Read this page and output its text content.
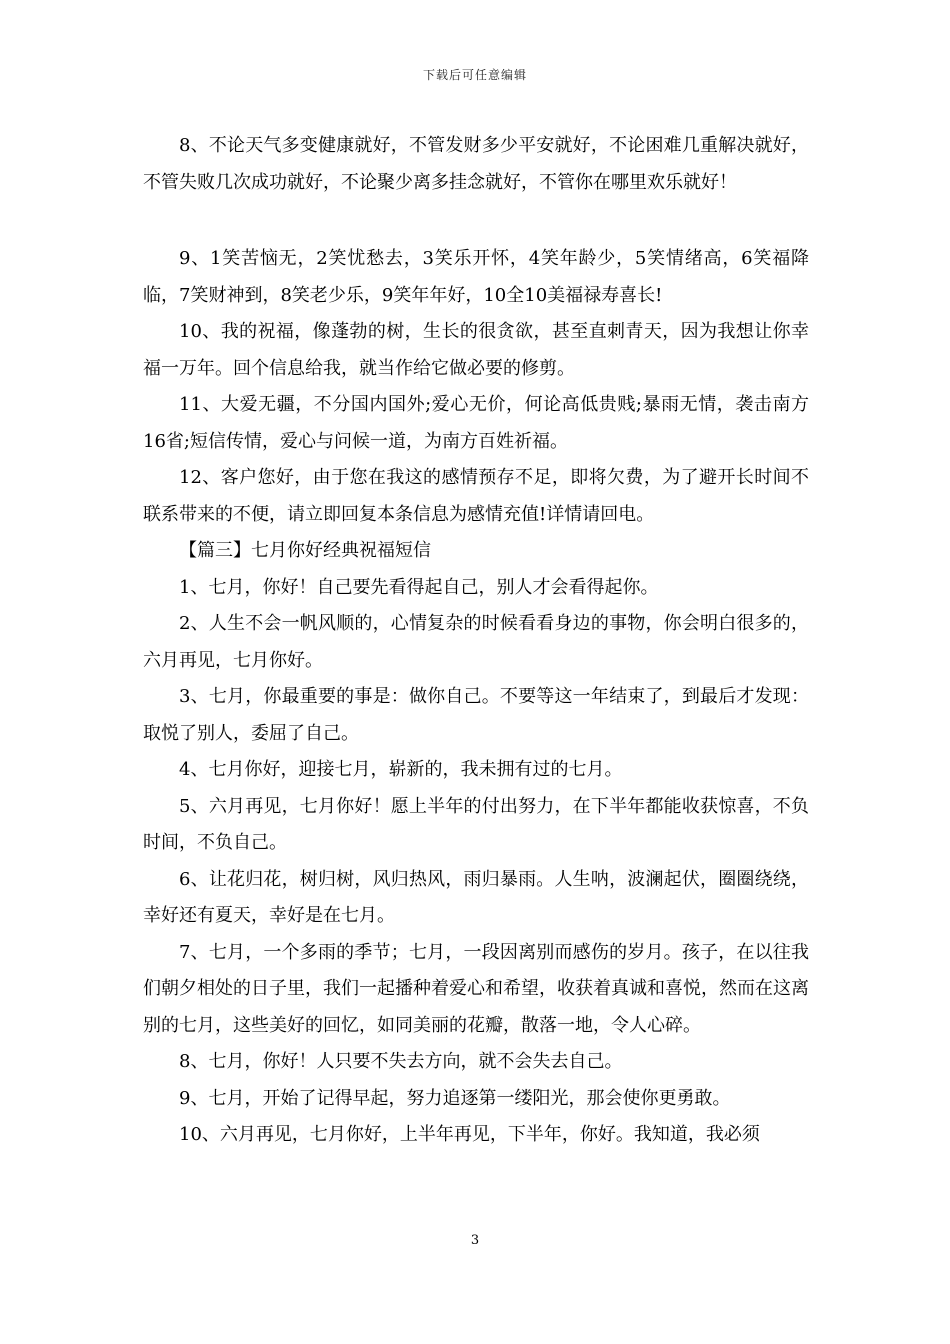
下载后可任意编辑

8、不论天气多变健康就好，不管发财多少平安就好，不论困难几重解决就好，不管失败几次成功就好，不论聚少离多挂念就好，不管你在哪里欢乐就好！

9、1笑苦恼无，2笑忧愁去，3笑乐开怀，4笑年龄少，5笑情绪高，6笑福降临，7笑财神到，8笑老少乐，9笑年年好，10全10美福禄寿喜长!

10、我的祝福，像蓬勃的树，生长的很贪欲，甚至直刺青天，因为我想让你幸福一万年。回个信息给我，就当作给它做必要的修剪。

11、大爱无疆，不分国内国外;爱心无价，何论高低贵贱;暴雨无情，袭击南方16省;短信传情，爱心与问候一道，为南方百姓祈福。

12、客户您好，由于您在我这的感情预存不足，即将欠费，为了避开长时间不联系带来的不便，请立即回复本条信息为感情充值!详情请回电。

【篇三】七月你好经典祝福短信

1、七月，你好！自己要先看得起自己，别人才会看得起你。

2、人生不会一帆风顺的，心情复杂的时候看看身边的事物，你会明白很多的，六月再见，七月你好。

3、七月，你最重要的事是：做你自己。不要等这一年结束了，到最后才发现：取悦了别人，委屈了自己。

4、七月你好，迎接七月，崭新的，我未拥有过的七月。

5、六月再见，七月你好！愿上半年的付出努力，在下半年都能收获惊喜，不负时间，不负自己。

6、让花归花，树归树，风归热风，雨归暴雨。人生呐，波澜起伏，圈圈绕绕，幸好还有夏天，幸好是在七月。

7、七月，一个多雨的季节；七月，一段因离别而感伤的岁月。孩子，在以往我们朝夕相处的日子里，我们一起播种着爱心和希望，收获着真诚和喜悦，然而在这离别的七月，这些美好的回忆，如同美丽的花瓣，散落一地，令人心碎。

8、七月，你好！人只要不失去方向，就不会失去自己。

9、七月，开始了记得早起，努力追逐第一缕阳光，那会使你更勇敢。

10、六月再见，七月你好，上半年再见，下半年，你好。我知道，我必须

3
